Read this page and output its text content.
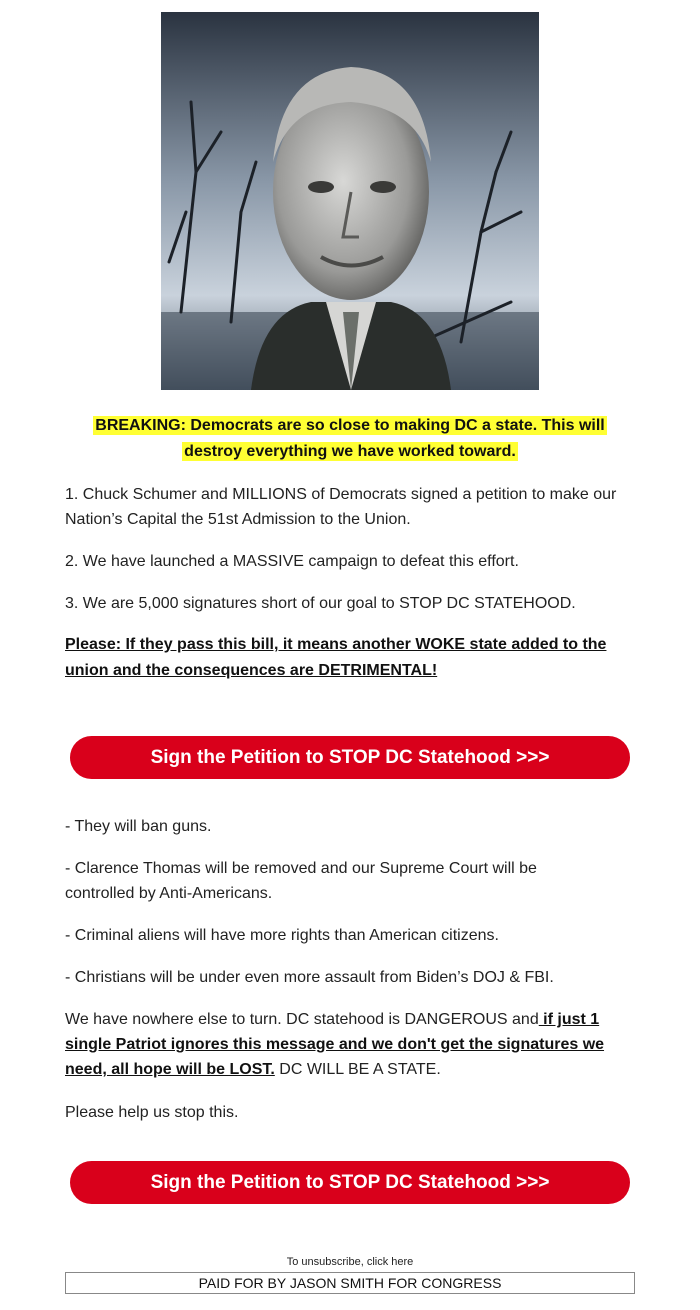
BREAKING: Democrats are so close to making DC a state. This will
destroy everything we have worked toward.

1. Chuck Schumer and MILLIONS of Democrats signed a petition to make our Nation’s Capital the 51st Admission to the Union.

2. We have launched a MASSIVE campaign to defeat this effort.

3. We are 5,000 signatures short of our goal to STOP DC STATEHOOD.

Please: If they pass this bill, it means another WOKE state added to the union and the consequences are DETRIMENTAL!

Sign the Petition to STOP DC Statehood >>>

- They will ban guns.

- Clarence Thomas will be removed and our Supreme Court will be controlled by Anti-Americans.

- Criminal aliens will have more rights than American citizens.

- Christians will be under even more assault from Biden’s DOJ & FBI.

We have nowhere else to turn. DC statehood is DANGEROUS and if just 1 single Patriot ignores this message and we don't get the signatures we need, all hope will be LOST. DC WILL BE A STATE.

Please help us stop this.

Sign the Petition to STOP DC Statehood >>>
To unsubscribe, click here
PAID FOR BY JASON SMITH FOR CONGRESS
